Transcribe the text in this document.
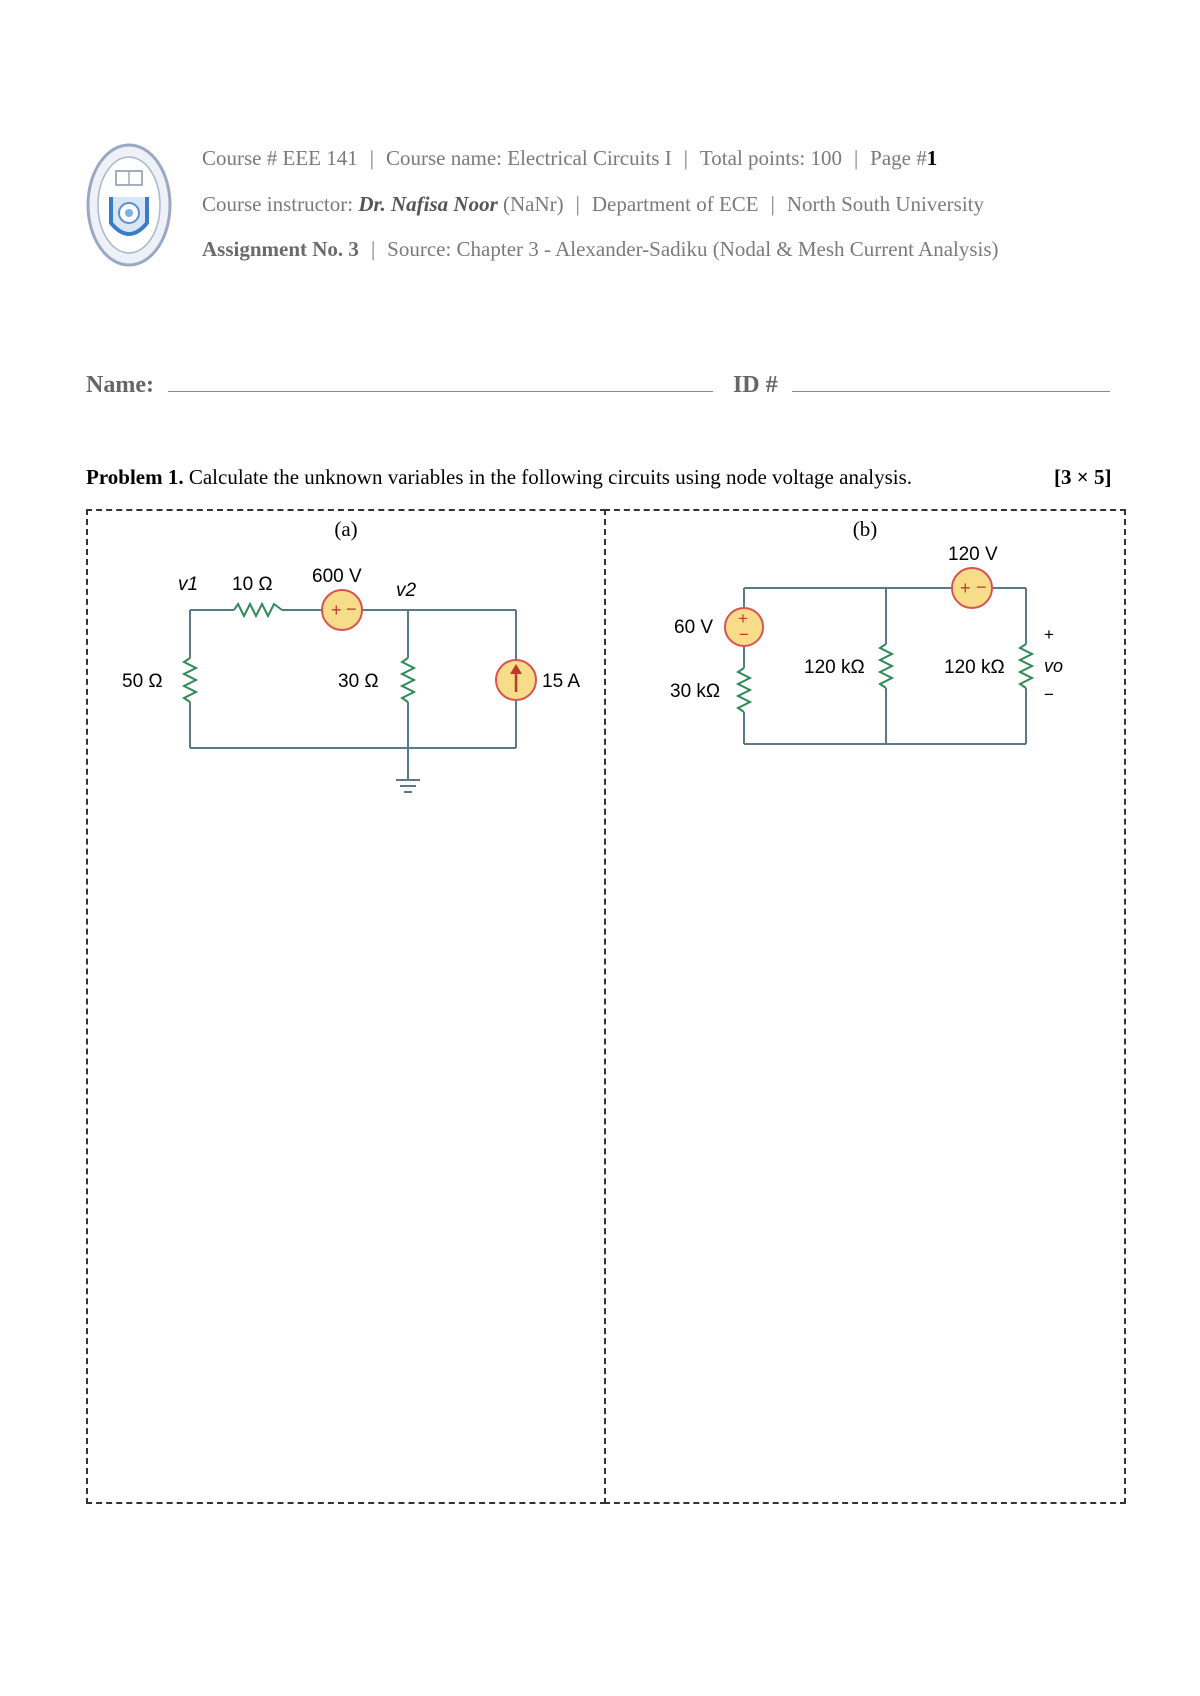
Course # EEE 141 | Course name: Electrical Circuits I | Total points: 100 | Page #1
Course instructor: Dr. Nafisa Noor (NaNr) | Department of ECE | North South University
Assignment No. 3 | Source: Chapter 3 - Alexander-Sadiku (Nodal & Mesh Current Analysis)
Name:	ID #
Problem 1. Calculate the unknown variables in the following circuits using node voltage analysis.	[3 × 5]
(a)	(b)
+ −
v1	v2
10 Ω 600 V
50 Ω	30 Ω	15 A
+
−
+ −
120 V
60 V
30 kΩ
120 kΩ	120 kΩ
+
vo
−
